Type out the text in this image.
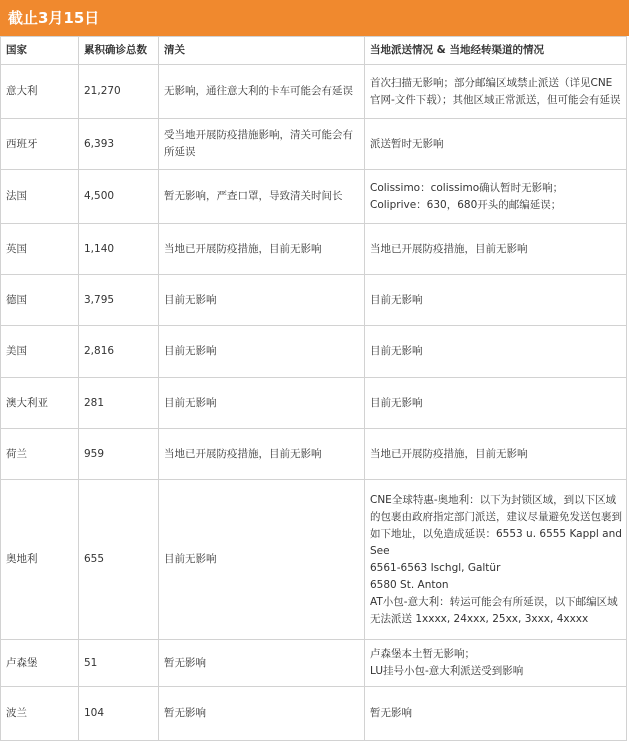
截止3月15日
国家	累积确诊总数	清关	当地派送情况 & 当地经转渠道的情况
意大利	21,270	无影响，通往意大利的卡车可能会有延误	首次扫描无影响；部分邮编区域禁止派送（详见CNE官网-文件下载）；其他区域正常派送，但可能会有延误
西班牙	6,393	受当地开展防疫措施影响，清关可能会有所延误	派送暂时无影响
法国	4,500	暂无影响，严查口罩，导致清关时间长	Colissimo：colissimo确认暂时无影响；
Coliprive：630，680开头的邮编延误；
英国	1,140	当地已开展防疫措施，目前无影响	当地已开展防疫措施，目前无影响
德国	3,795	目前无影响	目前无影响
美国	2,816	目前无影响	目前无影响
澳大利亚	281	目前无影响	目前无影响
荷兰	959	当地已开展防疫措施，目前无影响	当地已开展防疫措施，目前无影响
奥地利	655	目前无影响	CNE全球特惠-奥地利：以下为封锁区域，到以下区域的包裹由政府指定部门派送，建议尽量避免发送包裹到如下地址，以免造成延误：6553 u. 6555 Kappl and See
6561-6563 Ischgl, Galtür
6580 St. Anton
AT小包-意大利：转运可能会有所延误，以下邮编区域无法派送 1xxxx, 24xxx, 25xx, 3xxx, 4xxxx
卢森堡	51	暂无影响	卢森堡本土暂无影响；
LU挂号小包-意大利派送受到影响
波兰	104	暂无影响	暂无影响
